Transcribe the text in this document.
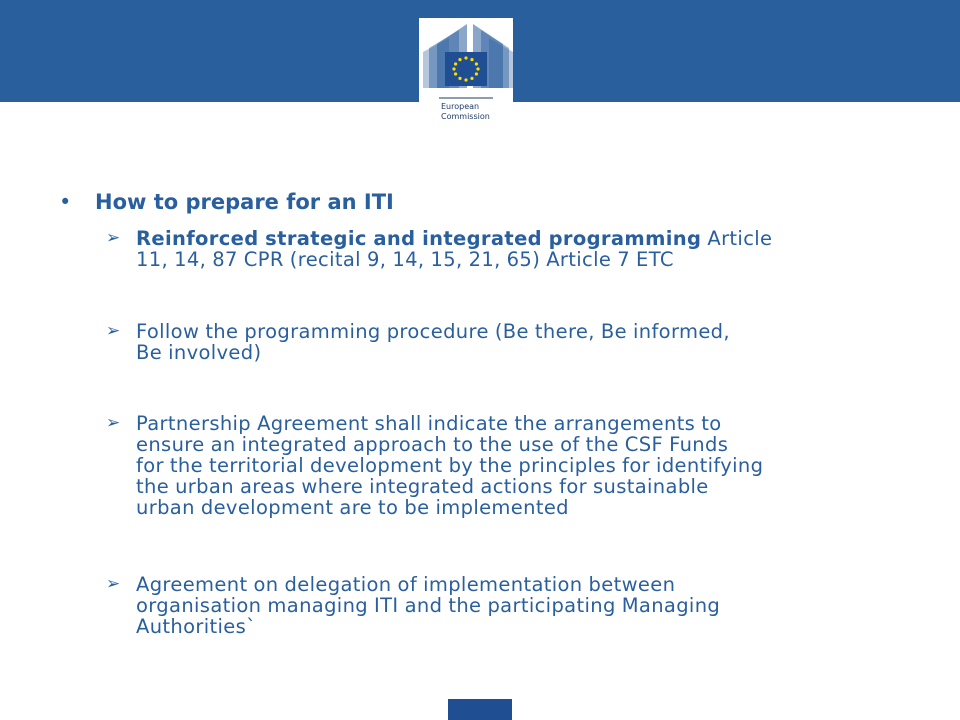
European
Commission
•	How to prepare for an ITI
➢ Reinforced strategic and integrated programming Article
11, 14, 87 CPR (recital 9, 14, 15, 21, 65) Article 7 ETC
➢ Follow the programming procedure (Be there, Be informed,
Be involved)
➢ Partnership Agreement shall indicate the arrangements to
ensure an integrated approach to the use of the CSF Funds
for the territorial development by the principles for identifying
the urban areas where integrated actions for sustainable
urban development are to be implemented
➢ Agreement on delegation of implementation between
organisation managing ITI and the participating Managing
Authorities`
